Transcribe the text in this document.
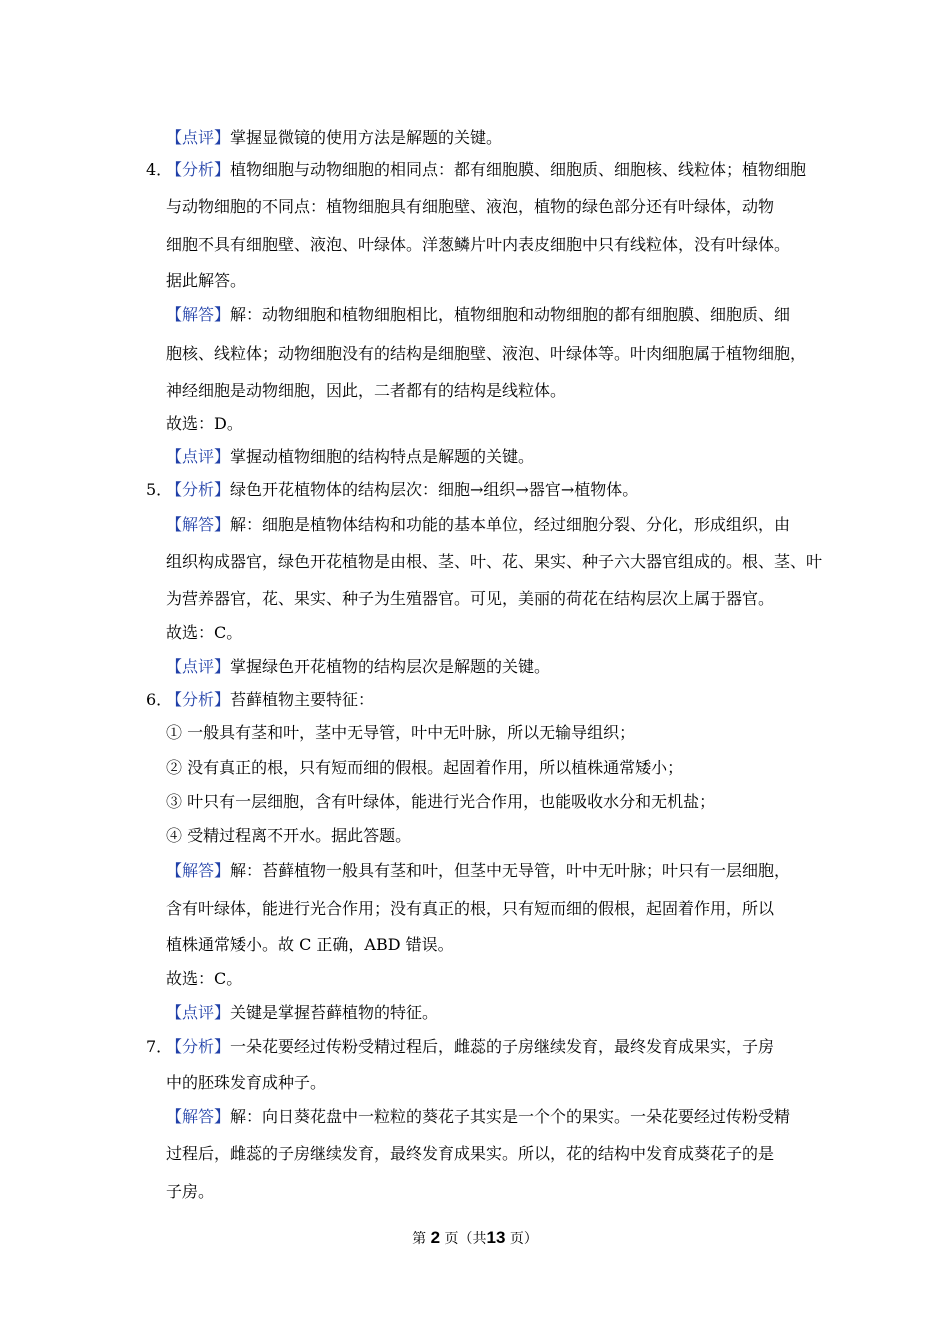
【点评】掌握显微镜的使用方法是解题的关键。
4．
【分析】植物细胞与动物细胞的相同点：都有细胞膜、细胞质、细胞核、线粒体；植物细胞
与动物细胞的不同点：植物细胞具有细胞壁、液泡，植物的绿色部分还有叶绿体，动物
细胞不具有细胞壁、液泡、叶绿体。洋葱鳞片叶内表皮细胞中只有线粒体，没有叶绿体。
据此解答。
【解答】解：动物细胞和植物细胞相比，植物细胞和动物细胞的都有细胞膜、细胞质、细
胞核、线粒体；动物细胞没有的结构是细胞壁、液泡、叶绿体等。叶肉细胞属于植物细胞，
神经细胞是动物细胞，因此，二者都有的结构是线粒体。
故选：D。
【点评】掌握动植物细胞的结构特点是解题的关键。
5．
【分析】绿色开花植物体的结构层次：细胞→组织→器官→植物体。
【解答】解：细胞是植物体结构和功能的基本单位，经过细胞分裂、分化，形成组织，由
组织构成器官，绿色开花植物是由根、茎、叶、花、果实、种子六大器官组成的。根、茎、叶
为营养器官，花、果实、种子为生殖器官。可见，美丽的荷花在结构层次上属于器官。
故选：C。
【点评】掌握绿色开花植物的结构层次是解题的关键。
6．
【分析】苔藓植物主要特征：
① 一般具有茎和叶，茎中无导管，叶中无叶脉，所以无输导组织；
② 没有真正的根，只有短而细的假根。起固着作用，所以植株通常矮小；
③ 叶只有一层细胞，含有叶绿体，能进行光合作用，也能吸收水分和无机盐；
④ 受精过程离不开水。据此答题。
【解答】解：苔藓植物一般具有茎和叶，但茎中无导管，叶中无叶脉；叶只有一层细胞，
含有叶绿体，能进行光合作用；没有真正的根，只有短而细的假根，起固着作用，所以
植株通常矮小。故 C 正确，ABD 错误。
故选：C。
【点评】关键是掌握苔藓植物的特征。
7．
【分析】一朵花要经过传粉受精过程后，雌蕊的子房继续发育，最终发育成果实，子房
中的胚珠发育成种子。
【解答】解：向日葵花盘中一粒粒的葵花子其实是一个个的果实。一朵花要经过传粉受精
过程后，雌蕊的子房继续发育，最终发育成果实。所以，花的结构中发育成葵花子的是
子房。
第 2 页（共13 页）
